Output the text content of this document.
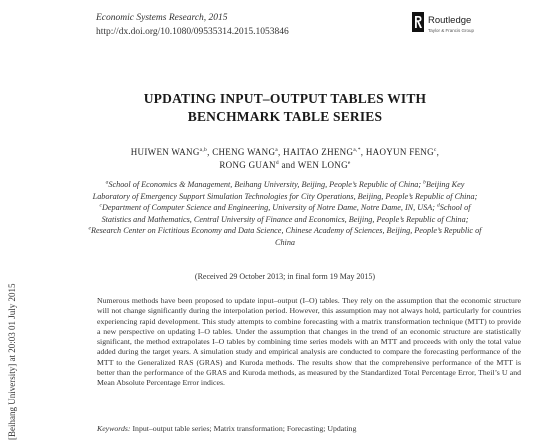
Economic Systems Research, 2015
http://dx.doi.org/10.1080/09535314.2015.1053846
Routledge
Taylor & Francis Group
UPDATING INPUT–OUTPUT TABLES WITH
BENCHMARK TABLE SERIES
HUIWEN WANG$^{a,b}$, CHENG WANG$^a$, HAITAO $ZHENG^{a,*}$, HAOYUN FENG$^c$,
RONG GUAN$^d$ and WEN LONG$^e$
$^a$School of Economics & Management, Beihang University, Beijing, People’s Republic of China; $^b$Beijing Key Laboratory of Emergency Support Simulation Technologies for City Operations, Beijing, People’s Republic of China; $^c$Department of Computer Science and Engineering, University of Notre Dame, Notre Dame, IN, USA; $^d$School of Statistics and Mathematics, Central University of Finance and Economics, Beijing, People’s Republic of China; $^e$Research Center on Fictitious Economy and Data Science, Chinese Academy of Sciences, Beijing, People’s Republic of China
(Received 29 October 2013; in final form 19 May 2015)
Numerous methods have been proposed to update input–output (I–O) tables. They rely on the assumption that the economic structure will not change significantly during the interpolation period. However, this assumption may not always hold, particularly for countries experiencing rapid development. This study attempts to combine forecasting with a matrix transformation technique (MTT) to provide a new perspective on updating I–O tables. Under the assumption that changes in the trend of an economic structure are statistically significant, the method extrapolates I–O tables by combining time series models with an MTT and proceeds with only the total value added during the target years. A simulation study and empirical analysis are conducted to compare the forecasting performance of the MTT to the Generalized RAS (GRAS) and Kuroda methods. The results show that the comprehensive performance of the MTT is better than the performance of the GRAS and Kuroda methods, as measured by the Standardized Total Percentage Error, Theil’s U and Mean Absolute Percentage Error indices.
Keywords: Input–output table series; Matrix transformation; Forecasting; Updating
[Beihang University] at 20:03 01 July 2015
